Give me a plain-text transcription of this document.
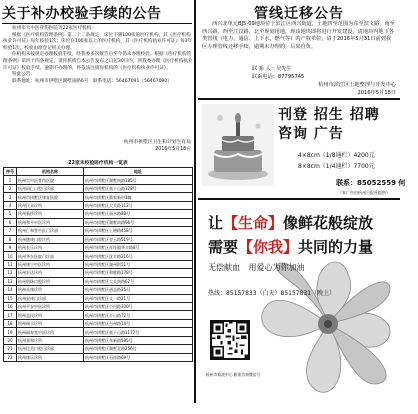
关于补办校验手续的公告

杭州市大中医骨伤医院等22家医疗机构：

根据《医疗机构管理条例》第二十二条规定，床位不满100张的医疗机构，其《医疗机构执业许可证》每年校验1次；床位在100张以上的医疗机构，其《医疗机构执业许可证》每3年校验1次。校验由原登记机关办理。

你机构未按规定办理校验手续，经我委多次催告后至今仍未办理校验。根据《医疗机构管理条例》第四十四条规定，请你机构自本公告发布之日起30日内，到我委办理《医疗机构执业许可证》校验手续。逾期不办理的，将依法注销你机构的《医疗机构执业许可证》。

特此公告。

联系地址：杭州市拱墅区湖墅南路6号　联系电话：56467091（56467090）

杭州市拱墅区卫生和计划生育局
2016年5月18日
22家未校验医疗机构一览表
序号	机构名称	地址
1	杭州大中医骨伤医院	杭州市拱墅区湖墅南路185号
2	杭州同仁口腔门诊部	杭州市拱墅区莫干山路328号
3	杭州市拱墅区康复医院	杭州市拱墅区董家新村1幢
4	杭州民众诊所	杭州市拱墅区大关路112号
5	杭州新桥诊所	杭州市拱墅区丽水路88号
6	杭州和平中医诊所	杭州市拱墅区湖墅南路96号
7	杭州仁和堂中医门诊部	杭州市拱墅区上塘路458号
8	杭州德康口腔诊所	杭州市拱墅区登云路519号
9	杭州长乐诊所	杭州市拱墅区祥符镇华丰路8号
10	杭州华东医院门诊部	杭州市拱墅区沈半路216号
11	杭州康宁中医诊所	杭州市拱墅区湖州街51号
12	杭州宏达诊所	杭州市拱墅区和睦路178号
13	杭州明珠口腔诊所	杭州市拱墅区大关南路62号
14	杭州永康诊所	杭州市拱墅区通益路35号
15	杭州安康门诊部	杭州市拱墅区文一路21号
16	杭州平安中医诊所	杭州市拱墅区小河路300号
17	杭州益民诊所	杭州市拱墅区半山路72号
18	杭州瑞丰诊所	杭州市拱墅区台州路14号
19	杭州福寿堂中医诊所	杭州市拱墅区莫干山路1177号
20	杭州嘉和诊所	杭州市拱墅区东新路585号
21	杭州佳美口腔门诊部	杭州市拱墅区湖墅北路256号
22	杭州康乐诊所	杭州市拱墅区石祥路69号
管线迁移公告
西兴北单元BJ5-09地块位于滨江区西兴街道，土地四至范围为东至滨文路，南至西兴路，西至江汉路，北至规划用地，现该地块即将进行开发建设，请地块内地下各类管线（电力、通信、上下水、燃气等）的产权单位，请于2016年5月31日前到我区办理管线迁移手续，逾期未办理的，后果自负。
联 系 人：吴先生
联系电话：87795745
杭州市滨江区土地整理与开发中心
2016年5月18日
刊登 招生 招聘
咨询 广告
4×8cm（1/8通栏）4200元
8×8cm（1/4通栏）7700元
联系：85052559 何
（本广告由杭州日报社提供）
让【生命】像鲜花般绽放
需要【你我】共同的力量
无偿献血 用爱心为你加油
热线：85157833（白天）85157831（晚上）
杭州市血液中心 献血咨询微信号
